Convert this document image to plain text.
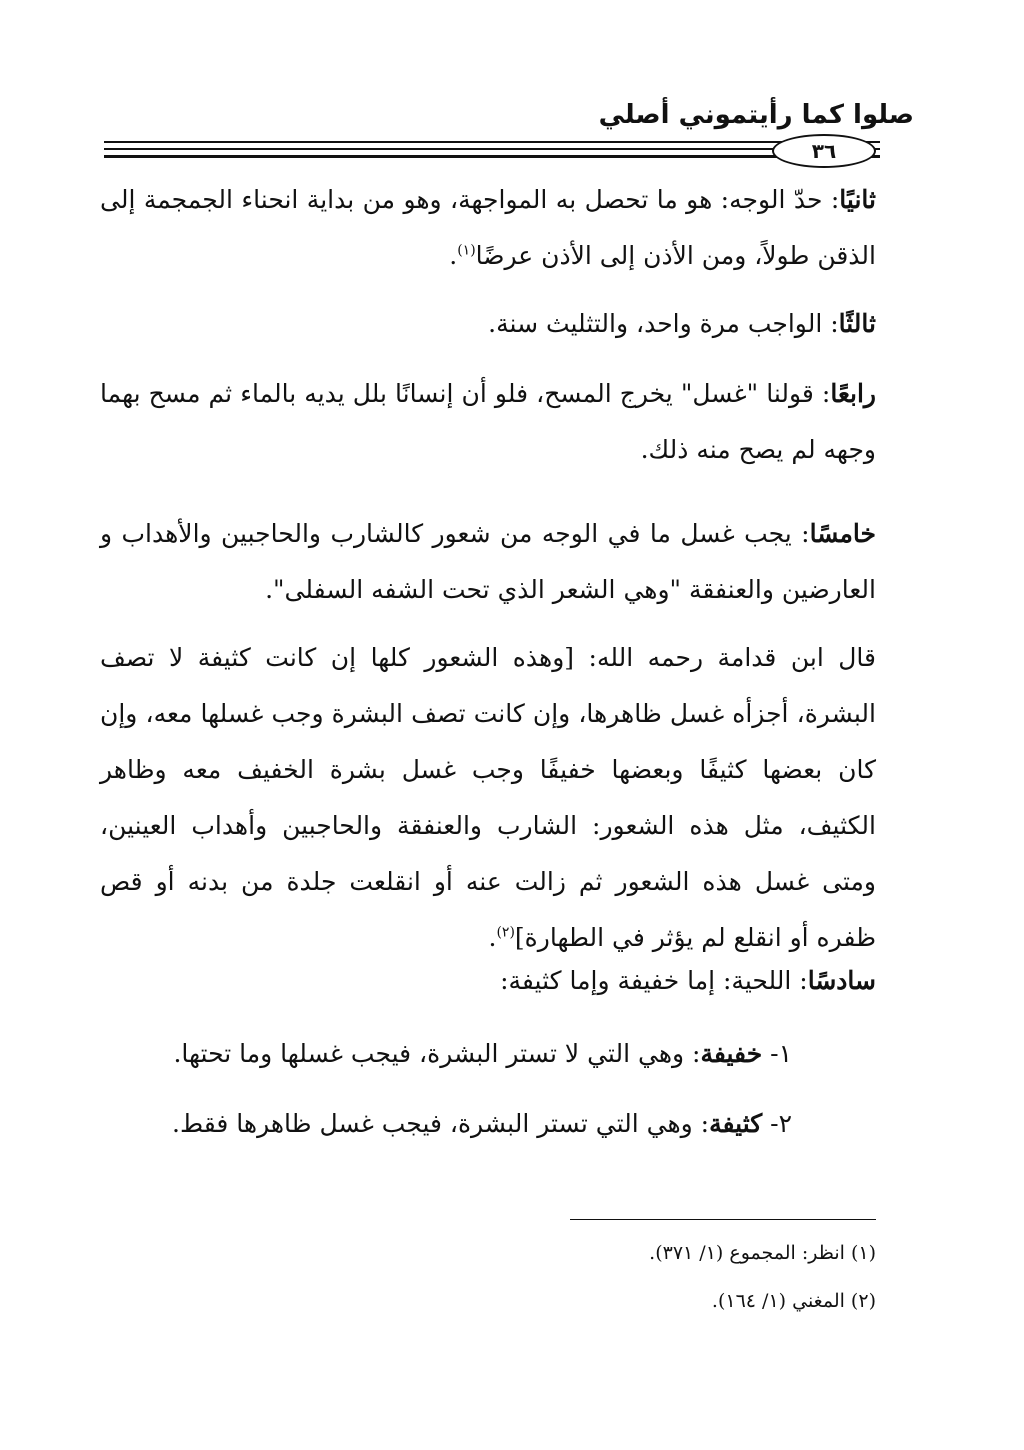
صلوا كما رأيتموني أصلي
٣٦

ثانيًا: حدّ الوجه: هو ما تحصل به المواجهة، وهو من بداية انحناء الجمجمة إلى الذقن طولاً، ومن الأذن إلى الأذن عرضًا$^{(١)}$.

ثالثًا: الواجب مرة واحد، والتثليث سنة.

رابعًا: قولنا "غسل" يخرج المسح، فلو أن إنسانًا بلل يديه بالماء ثم مسح بهما وجهه لم يصح منه ذلك.

خامسًا: يجب غسل ما في الوجه من شعور كالشارب والحاجبين والأهداب و العارضين والعنفقة "وهي الشعر الذي تحت الشفه السفلى".

قال ابن قدامة رحمه الله: [وهذه الشعور كلها إن كانت كثيفة لا تصف البشرة، أجزأه غسل ظاهرها، وإن كانت تصف البشرة وجب غسلها معه، وإن كان بعضها كثيفًا وبعضها خفيفًا وجب غسل بشرة الخفيف معه وظاهر الكثيف، مثل هذه الشعور: الشارب والعنفقة والحاجبين وأهداب العينين، ومتى غسل هذه الشعور ثم زالت عنه أو انقلعت جلدة من بدنه أو قص ظفره أو انقلع لم يؤثر في الطهارة]$^{(٢)}$.

سادسًا: اللحية: إما خفيفة وإما كثيفة:

١- خفيفة: وهي التي لا تستر البشرة، فيجب غسلها وما تحتها.
٢- كثيفة: وهي التي تستر البشرة، فيجب غسل ظاهرها فقط.
(١) انظر: المجموع (١/ ٣٧١).
(٢) المغني (١/ ١٦٤).
